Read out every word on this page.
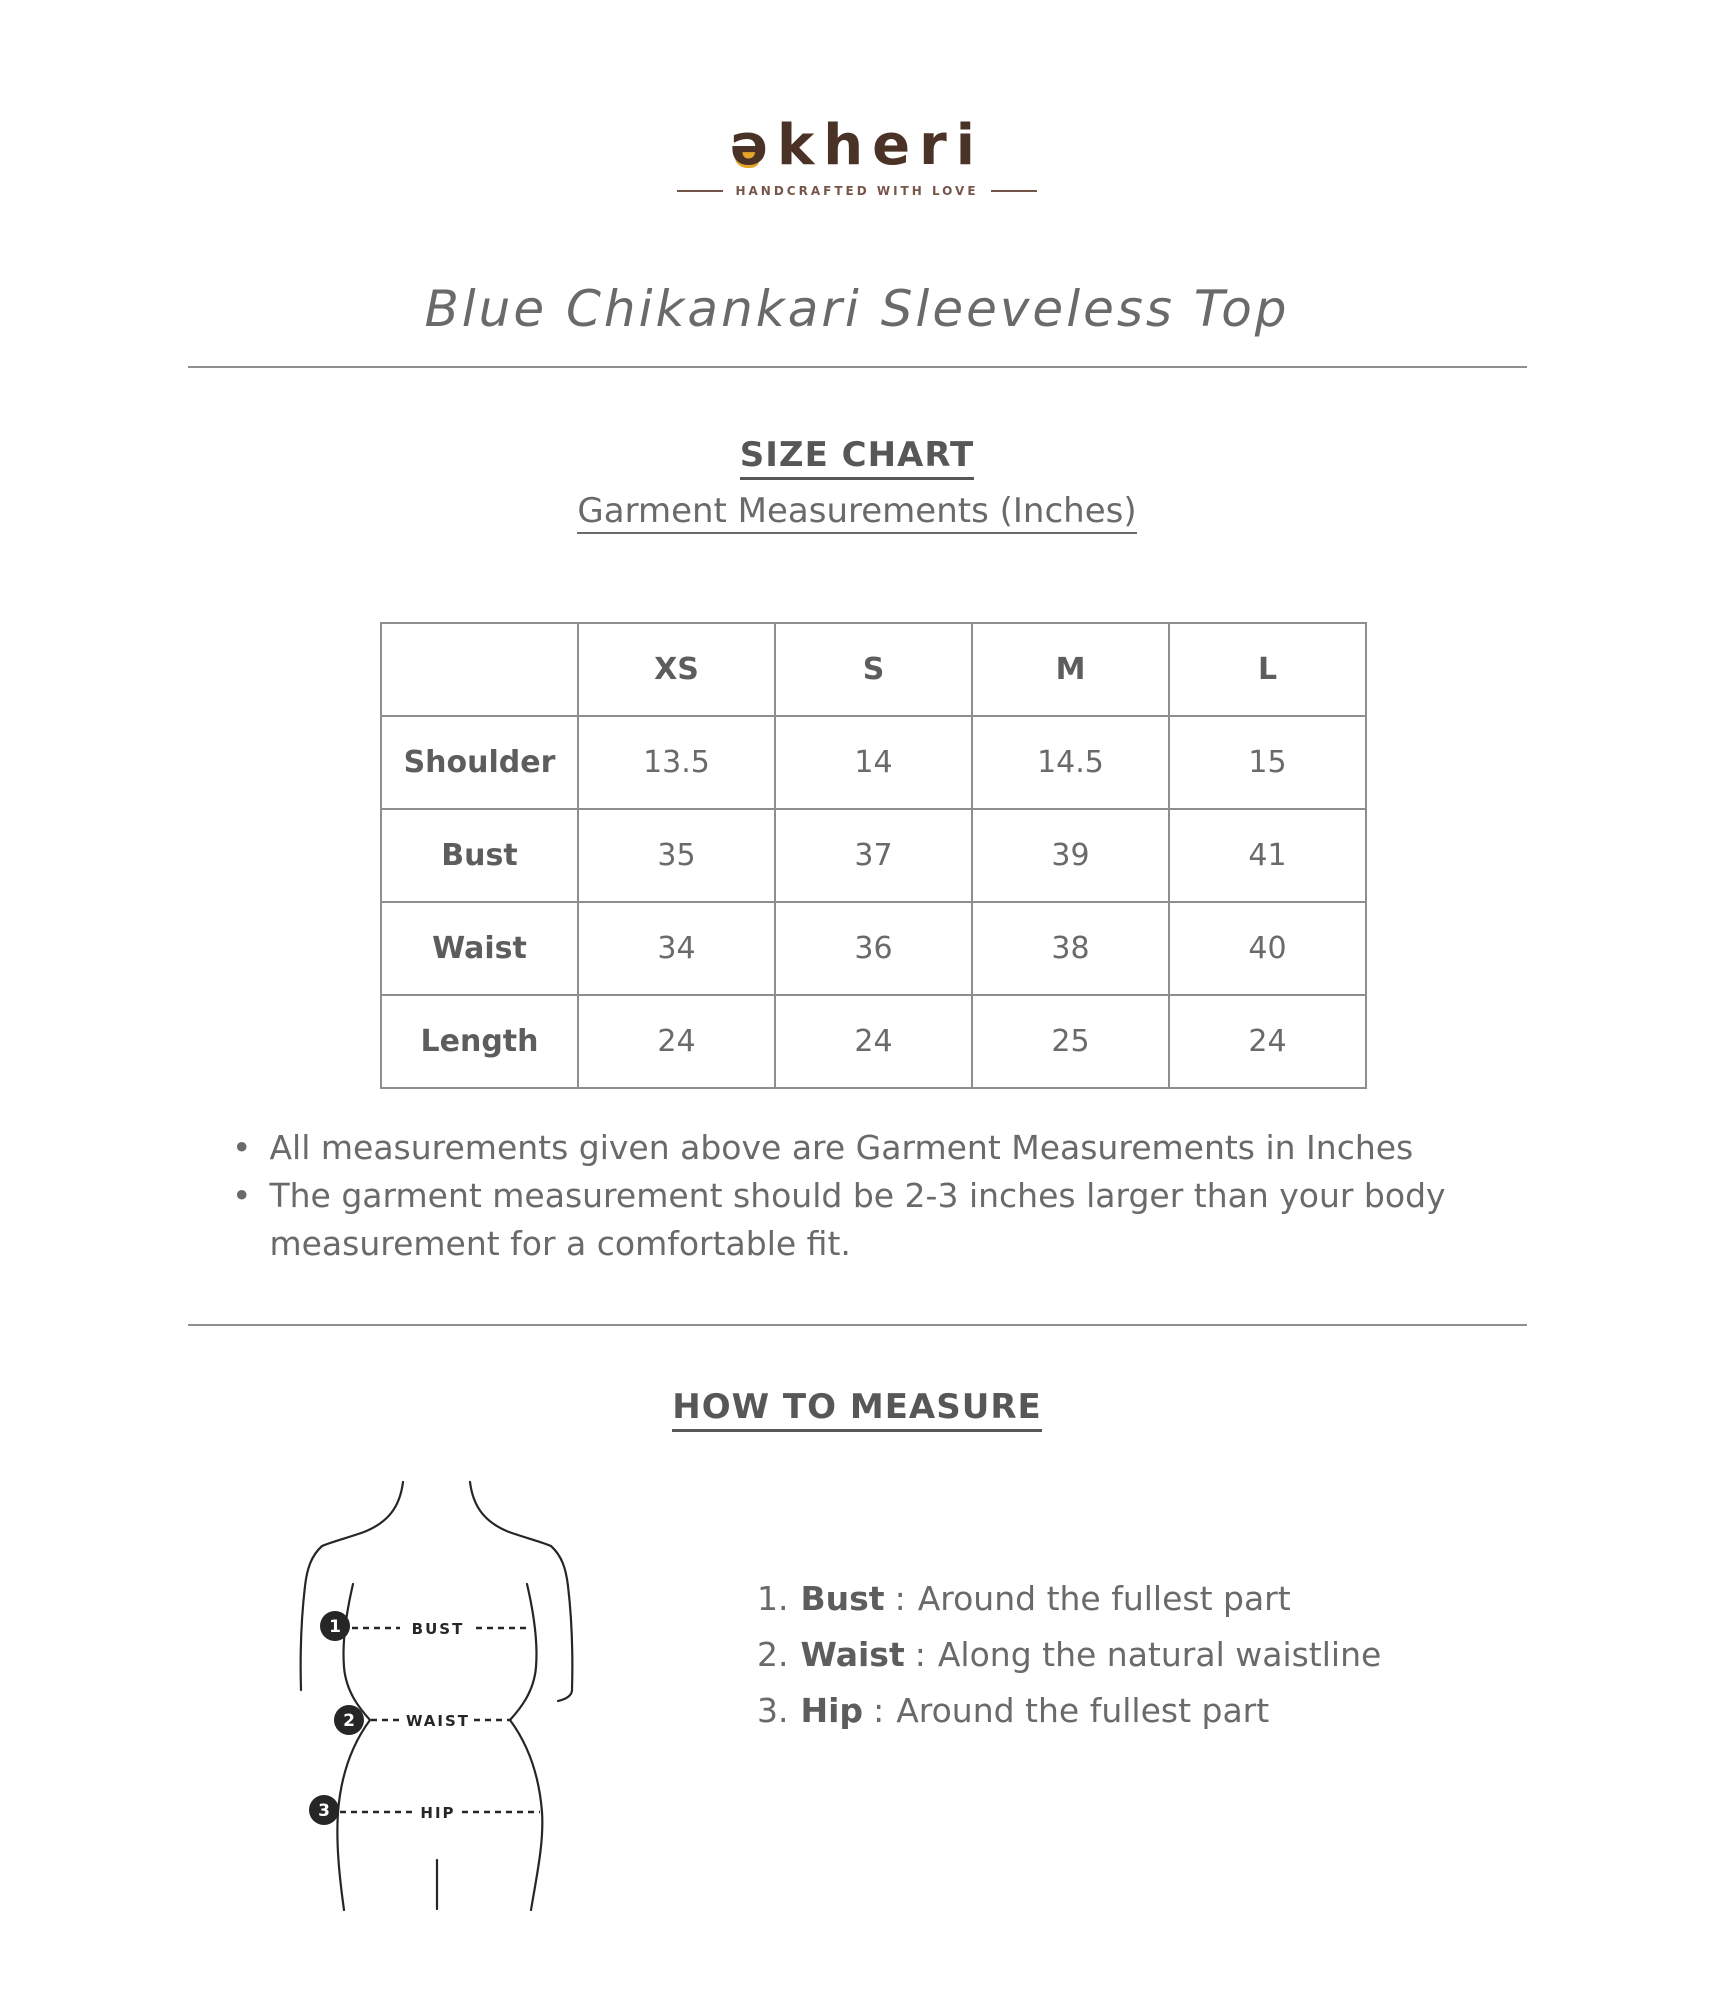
əkheri
HANDCRAFTED WITH LOVE
Blue Chikankari Sleeveless Top
SIZE CHART
Garment Measurements (Inches)
	XS	S	M	L
Shoulder	13.5	14	14.5	15
Bust	35	37	39	41
Waist	34	36	38	40
Length	24	24	25	24
• All measurements given above are Garment Measurements in Inches
• The garment measurement should be 2-3 inches larger than your body measurement for a comfortable fit.
HOW TO MEASURE
BUST
WAIST
HIP
1
2
3
1. Bust : Around the fullest part
2. Waist : Along the natural waistline
3. Hip : Around the fullest part
